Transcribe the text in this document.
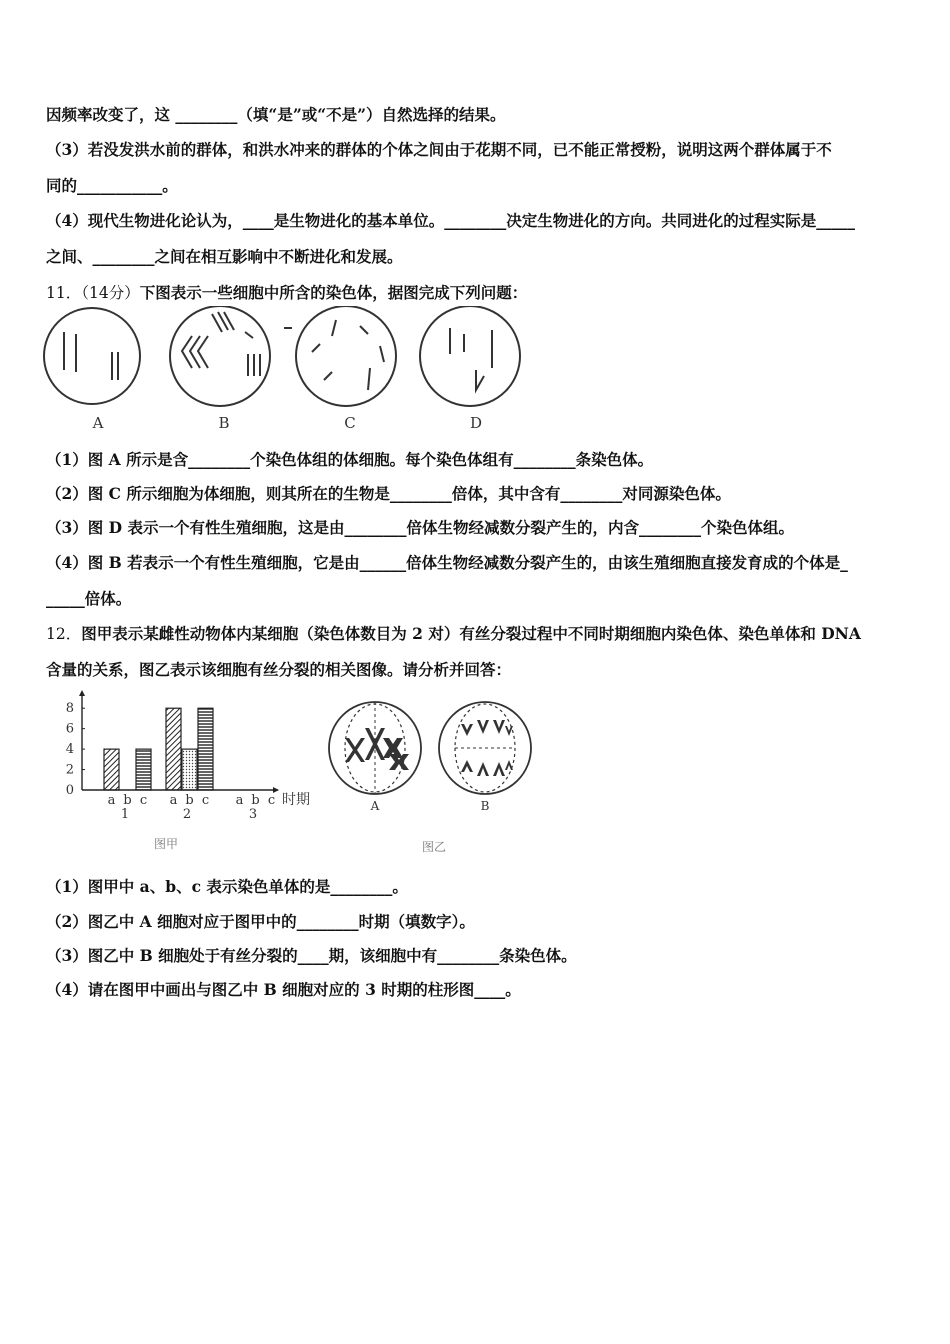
因频率改变了，这 ________（填“是”或“不是”）自然选择的结果。
（3）若没发洪水前的群体，和洪水冲来的群体的个体之间由于花期不同，已不能正常授粉，说明这两个群体属于不
同的___________。
（4）现代生物进化论认为，____是生物进化的基本单位。________决定生物进化的方向。共同进化的过程实际是_____
之间、________之间在相互影响中不断进化和发展。
11．（14分）下图表示一些细胞中所含的染色体，据图完成下列问题：
A	B	C	D
（1）图 A 所示是含________个染色体组的体细胞。每个染色体组有________条染色体。
（2）图 C 所示细胞为体细胞，则其所在的生物是________倍体，其中含有________对同源染色体。
（3）图 D 表示一个有性生殖细胞，这是由________倍体生物经减数分裂产生的，内含________个染色体组。
（4）图 B 若表示一个有性生殖细胞，它是由______倍体生物经减数分裂产生的，由该生殖细胞直接发育成的个体是_
_____倍体。
12．图甲表示某雌性动物体内某细胞（染色体数目为 2 对）有丝分裂过程中不同时期细胞内染色体、染色单体和 DNA
含量的关系，图乙表示该细胞有丝分裂的相关图像。请分析并回答：
0
2
4
6
8
a b c
1
a b c
2
a b c
3
时期
图甲
A	B
图乙
（1）图甲中 a、b、c 表示染色单体的是________。
（2）图乙中 A 细胞对应于图甲中的________时期（填数字）。
（3）图乙中 B 细胞处于有丝分裂的____期，该细胞中有________条染色体。
（4）请在图甲中画出与图乙中 B 细胞对应的 3 时期的柱形图____。
